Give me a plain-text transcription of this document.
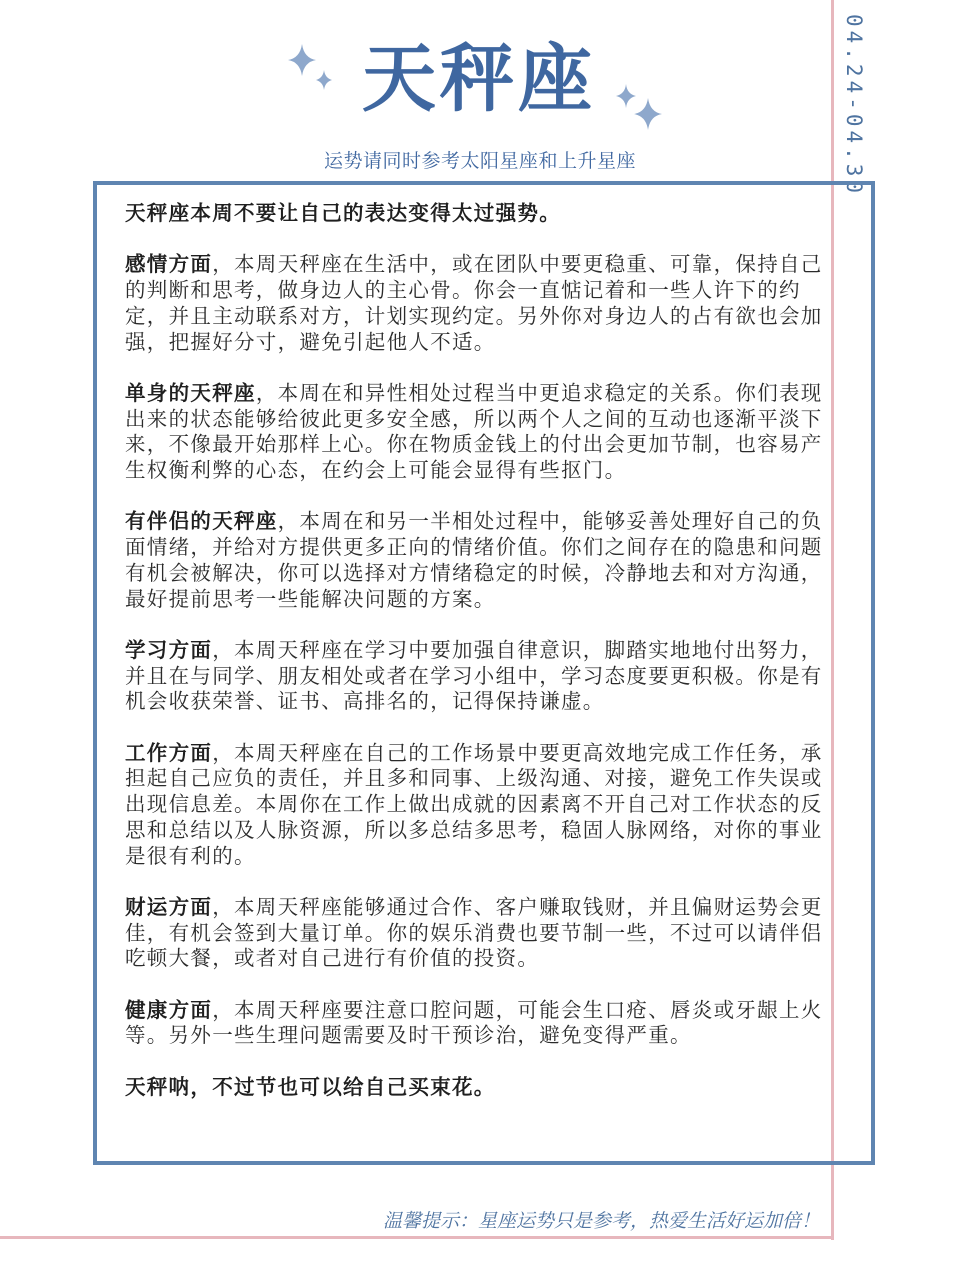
04.24-04.30
天秤座
运势请同时参考太阳星座和上升星座

天秤座本周不要让自己的表达变得太过强势。

感情方面，本周天秤座在生活中，或在团队中要更稳重、可靠，保持自己的判断和思考，做身边人的主心骨。你会一直惦记着和一些人许下的约定，并且主动联系对方，计划实现约定。另外你对身边人的占有欲也会加强，把握好分寸，避免引起他人不适。

单身的天秤座，本周在和异性相处过程当中更追求稳定的关系。你们表现出来的状态能够给彼此更多安全感，所以两个人之间的互动也逐渐平淡下来，不像最开始那样上心。你在物质金钱上的付出会更加节制，也容易产生权衡利弊的心态，在约会上可能会显得有些抠门。

有伴侣的天秤座，本周在和另一半相处过程中，能够妥善处理好自己的负面情绪，并给对方提供更多正向的情绪价值。你们之间存在的隐患和问题有机会被解决，你可以选择对方情绪稳定的时候，冷静地去和对方沟通，最好提前思考一些能解决问题的方案。

学习方面，本周天秤座在学习中要加强自律意识，脚踏实地地付出努力，并且在与同学、朋友相处或者在学习小组中，学习态度要更积极。你是有机会收获荣誉、证书、高排名的，记得保持谦虚。

工作方面，本周天秤座在自己的工作场景中要更高效地完成工作任务，承担起自己应负的责任，并且多和同事、上级沟通、对接，避免工作失误或出现信息差。本周你在工作上做出成就的因素离不开自己对工作状态的反思和总结以及人脉资源，所以多总结多思考，稳固人脉网络，对你的事业是很有利的。

财运方面，本周天秤座能够通过合作、客户赚取钱财，并且偏财运势会更佳，有机会签到大量订单。你的娱乐消费也要节制一些，不过可以请伴侣吃顿大餐，或者对自己进行有价值的投资。

健康方面，本周天秤座要注意口腔问题，可能会生口疮、唇炎或牙龈上火等。另外一些生理问题需要及时干预诊治，避免变得严重。

天秤呐，不过节也可以给自己买束花。

温馨提示：星座运势只是参考，热爱生活好运加倍！
